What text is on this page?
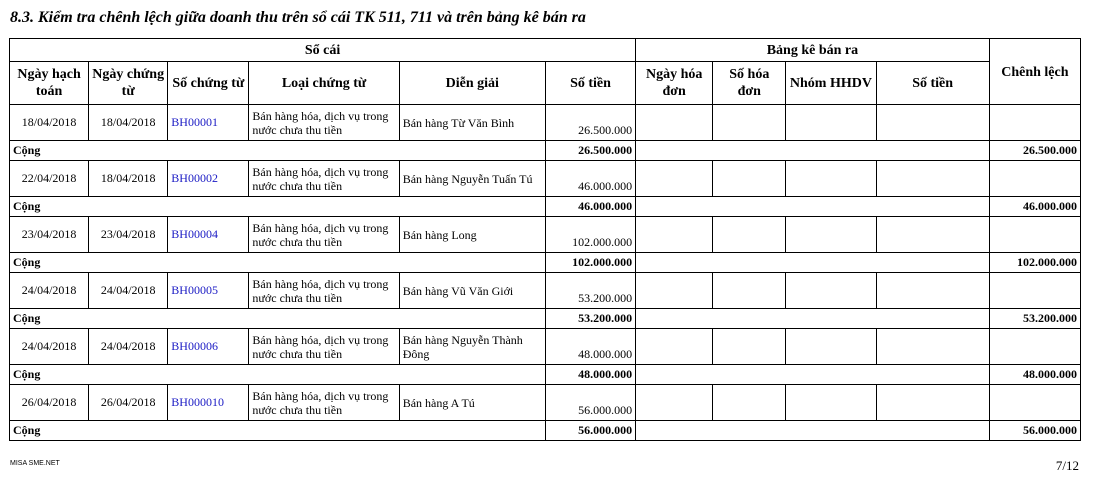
8.3. Kiểm tra chênh lệch giữa doanh thu trên sổ cái TK 511, 711 và trên bảng kê bán ra
Sổ cái						Bảng kê bán ra				Chênh lệch
Ngày hạch toán	Ngày chứng từ	Số chứng từ	Loại chứng từ	Diễn giải	Số tiền	Ngày hóa đơn	Số hóa đơn	Nhóm HHDV	Số tiền	
18/04/2018	18/04/2018	BH00001	Bán hàng hóa, dịch vụ trong nước chưa thu tiền	Bán hàng Từ Văn Bình	26.500.000					
Cộng					26.500.000					26.500.000
22/04/2018	18/04/2018	BH00002	Bán hàng hóa, dịch vụ trong nước chưa thu tiền	Bán hàng Nguyễn Tuấn Tú	46.000.000					
Cộng					46.000.000					46.000.000
23/04/2018	23/04/2018	BH00004	Bán hàng hóa, dịch vụ trong nước chưa thu tiền	Bán hàng Long	102.000.000					
Cộng					102.000.000					102.000.000
24/04/2018	24/04/2018	BH00005	Bán hàng hóa, dịch vụ trong nước chưa thu tiền	Bán hàng Vũ Văn Giới	53.200.000					
Cộng					53.200.000					53.200.000
24/04/2018	24/04/2018	BH00006	Bán hàng hóa, dịch vụ trong nước chưa thu tiền	Bán hàng Nguyễn Thành Đông	48.000.000					
Cộng					48.000.000					48.000.000
26/04/2018	26/04/2018	BH000010	Bán hàng hóa, dịch vụ trong nước chưa thu tiền	Bán hàng A Tú	56.000.000					
Cộng					56.000.000					56.000.000
MISA SME.NET	7/12
